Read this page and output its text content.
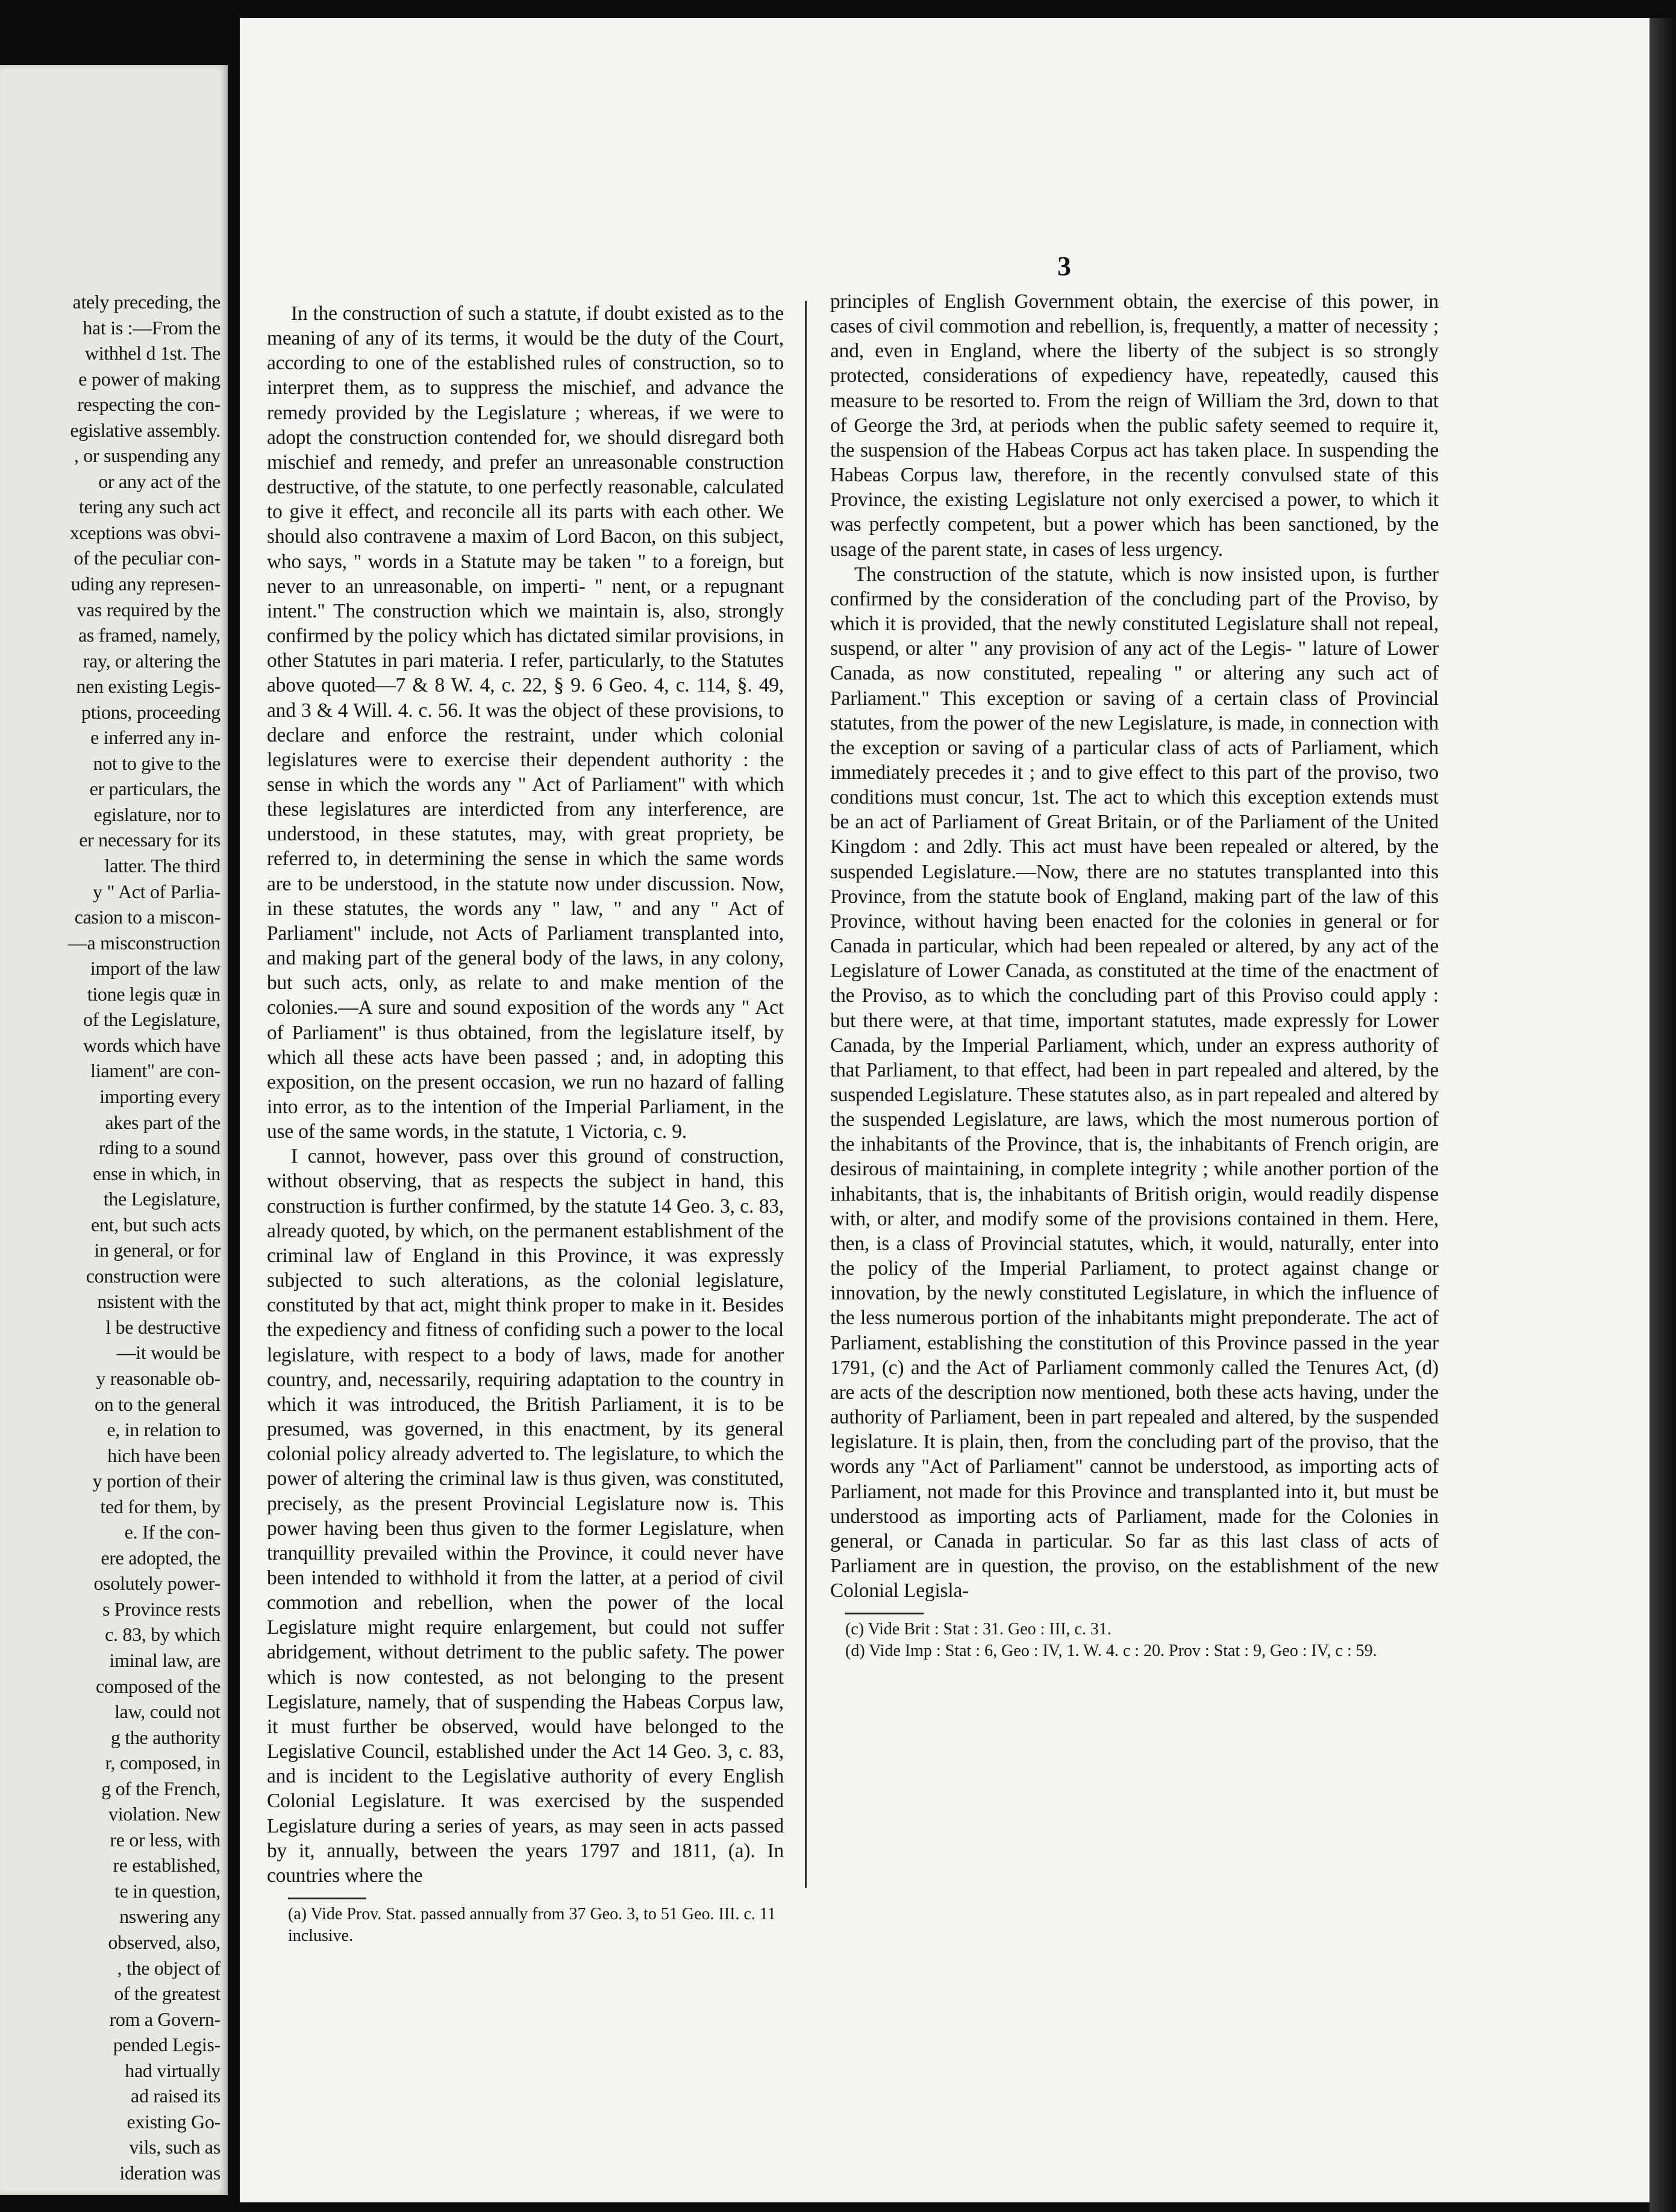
ately preceding, the
hat is :—From the
withhel d 1st. The
e power of making
respecting the con-
egislative assembly.
, or suspending any
or any act of the
tering any such act
xceptions was obvi-
of the peculiar con-
uding any represen-
vas required by the
as framed, namely,
ray, or altering the
nen existing Legis-
ptions, proceeding
e inferred any in-
not to give to the
er particulars, the
egislature, nor to
er necessary for its
latter. The third
y " Act of Parlia-
casion to a miscon-
—a misconstruction
import of the law
tione legis quæ in
of the Legislature,
words which have
liament" are con-
importing every
akes part of the
rding to a sound
ense in which, in
the Legislature,
ent, but such acts
in general, or for
construction were
nsistent with the
l be destructive
—it would be
y reasonable ob-
on to the general
e, in relation to
hich have been
y portion of their
ted for them, by
e. If the con-
ere adopted, the
osolutely power-
s Province rests
c. 83, by which
iminal law, are
composed of the
law, could not
g the authority
r, composed, in
g of the French,
violation. New
re or less, with
re established,
te in question,
nswering any
observed, also,
, the object of
of the greatest
rom a Govern-
pended Legis-
had virtually
ad raised its
existing Go-
vils, such as
ideration was
3

In the construction of such a statute, if doubt existed as to the meaning of any of its terms, it would be the duty of the Court, according to one of the established rules of construction, so to interpret them, as to suppress the mischief, and advance the remedy provided by the Legislature ; whereas, if we were to adopt the construction contended for, we should disregard both mischief and remedy, and prefer an unreasonable construction destructive, of the statute, to one perfectly reasonable, calculated to give it effect, and reconcile all its parts with each other. We should also contravene a maxim of Lord Bacon, on this subject, who says, " words in a Statute may be taken " to a foreign, but never to an unreasonable, on imperti- " nent, or a repugnant intent." The construction which we maintain is, also, strongly confirmed by the policy which has dictated similar provisions, in other Statutes in pari materia. I refer, particularly, to the Statutes above quoted—7 & 8 W. 4, c. 22, § 9. 6 Geo. 4, c. 114, §. 49, and 3 & 4 Will. 4. c. 56. It was the object of these provisions, to declare and enforce the restraint, under which colonial legislatures were to exercise their dependent authority : the sense in which the words any " Act of Parliament" with which these legislatures are interdicted from any interference, are understood, in these statutes, may, with great propriety, be referred to, in determining the sense in which the same words are to be understood, in the statute now under discussion. Now, in these statutes, the words any " law, " and any " Act of Parliament" include, not Acts of Parliament transplanted into, and making part of the general body of the laws, in any colony, but such acts, only, as relate to and make mention of the colonies.—A sure and sound exposition of the words any " Act of Parliament" is thus obtained, from the legislature itself, by which all these acts have been passed ; and, in adopting this exposition, on the present occasion, we run no hazard of falling into error, as to the intention of the Imperial Parliament, in the use of the same words, in the statute, 1 Victoria, c. 9.

I cannot, however, pass over this ground of construction, without observing, that as respects the subject in hand, this construction is further confirmed, by the statute 14 Geo. 3, c. 83, already quoted, by which, on the permanent establishment of the criminal law of England in this Province, it was expressly subjected to such alterations, as the colonial legislature, constituted by that act, might think proper to make in it. Besides the expediency and fitness of confiding such a power to the local legislature, with respect to a body of laws, made for another country, and, necessarily, requiring adaptation to the country in which it was introduced, the British Parliament, it is to be presumed, was governed, in this enactment, by its general colonial policy already adverted to. The legislature, to which the power of altering the criminal law is thus given, was constituted, precisely, as the present Provincial Legislature now is. This power having been thus given to the former Legislature, when tranquillity prevailed within the Province, it could never have been intended to withhold it from the latter, at a period of civil commotion and rebellion, when the power of the local Legislature might require enlargement, but could not suffer abridgement, without detriment to the public safety. The power which is now contested, as not belonging to the present Legislature, namely, that of suspending the Habeas Corpus law, it must further be observed, would have belonged to the Legislative Council, established under the Act 14 Geo. 3, c. 83, and is incident to the Legislative authority of every English Colonial Legislature. It was exercised by the suspended Legislature during a series of years, as may seen in acts passed by it, annually, between the years 1797 and 1811, (a). In countries where the

principles of English Government obtain, the exercise of this power, in cases of civil commotion and rebellion, is, frequently, a matter of necessity ; and, even in England, where the liberty of the subject is so strongly protected, considerations of expediency have, repeatedly, caused this measure to be resorted to. From the reign of William the 3rd, down to that of George the 3rd, at periods when the public safety seemed to require it, the suspension of the Habeas Corpus act has taken place. In suspending the Habeas Corpus law, therefore, in the recently convulsed state of this Province, the existing Legislature not only exercised a power, to which it was perfectly competent, but a power which has been sanctioned, by the usage of the parent state, in cases of less urgency.

The construction of the statute, which is now insisted upon, is further confirmed by the consideration of the concluding part of the Proviso, by which it is provided, that the newly constituted Legislature shall not repeal, suspend, or alter " any provision of any act of the Legis- " lature of Lower Canada, as now constituted, repealing " or altering any such act of Parliament." This exception or saving of a certain class of Provincial statutes, from the power of the new Legislature, is made, in connection with the exception or saving of a particular class of acts of Parliament, which immediately precedes it ; and to give effect to this part of the proviso, two conditions must concur, 1st. The act to which this exception extends must be an act of Parliament of Great Britain, or of the Parliament of the United Kingdom : and 2dly. This act must have been repealed or altered, by the suspended Legislature.—Now, there are no statutes transplanted into this Province, from the statute book of England, making part of the law of this Province, without having been enacted for the colonies in general or for Canada in particular, which had been repealed or altered, by any act of the Legislature of Lower Canada, as constituted at the time of the enactment of the Proviso, as to which the concluding part of this Proviso could apply : but there were, at that time, important statutes, made expressly for Lower Canada, by the Imperial Parliament, which, under an express authority of that Parliament, to that effect, had been in part repealed and altered, by the suspended Legislature. These statutes also, as in part repealed and altered by the suspended Legislature, are laws, which the most numerous portion of the inhabitants of the Province, that is, the inhabitants of French origin, are desirous of maintaining, in complete integrity ; while another portion of the inhabitants, that is, the inhabitants of British origin, would readily dispense with, or alter, and modify some of the provisions contained in them. Here, then, is a class of Provincial statutes, which, it would, naturally, enter into the policy of the Imperial Parliament, to protect against change or innovation, by the newly constituted Legislature, in which the influence of the less numerous portion of the inhabitants might preponderate. The act of Parliament, establishing the constitution of this Province passed in the year 1791, (c) and the Act of Parliament commonly called the Tenures Act, (d) are acts of the description now mentioned, both these acts having, under the authority of Parliament, been in part repealed and altered, by the suspended legislature. It is plain, then, from the concluding part of the proviso, that the words any "Act of Parliament" cannot be understood, as importing acts of Parliament, not made for this Province and transplanted into it, but must be understood as importing acts of Parliament, made for the Colonies in general, or Canada in particular. So far as this last class of acts of Parliament are in question, the proviso, on the establishment of the new Colonial Legisla-

(a) Vide Prov. Stat. passed annually from 37 Geo. 3, to 51 Geo. III. c. 11 inclusive.
(c) Vide Brit : Stat : 31. Geo : III, c. 31.
(d) Vide Imp : Stat : 6, Geo : IV, 1. W. 4. c : 20. Prov : Stat : 9, Geo : IV, c : 59.
